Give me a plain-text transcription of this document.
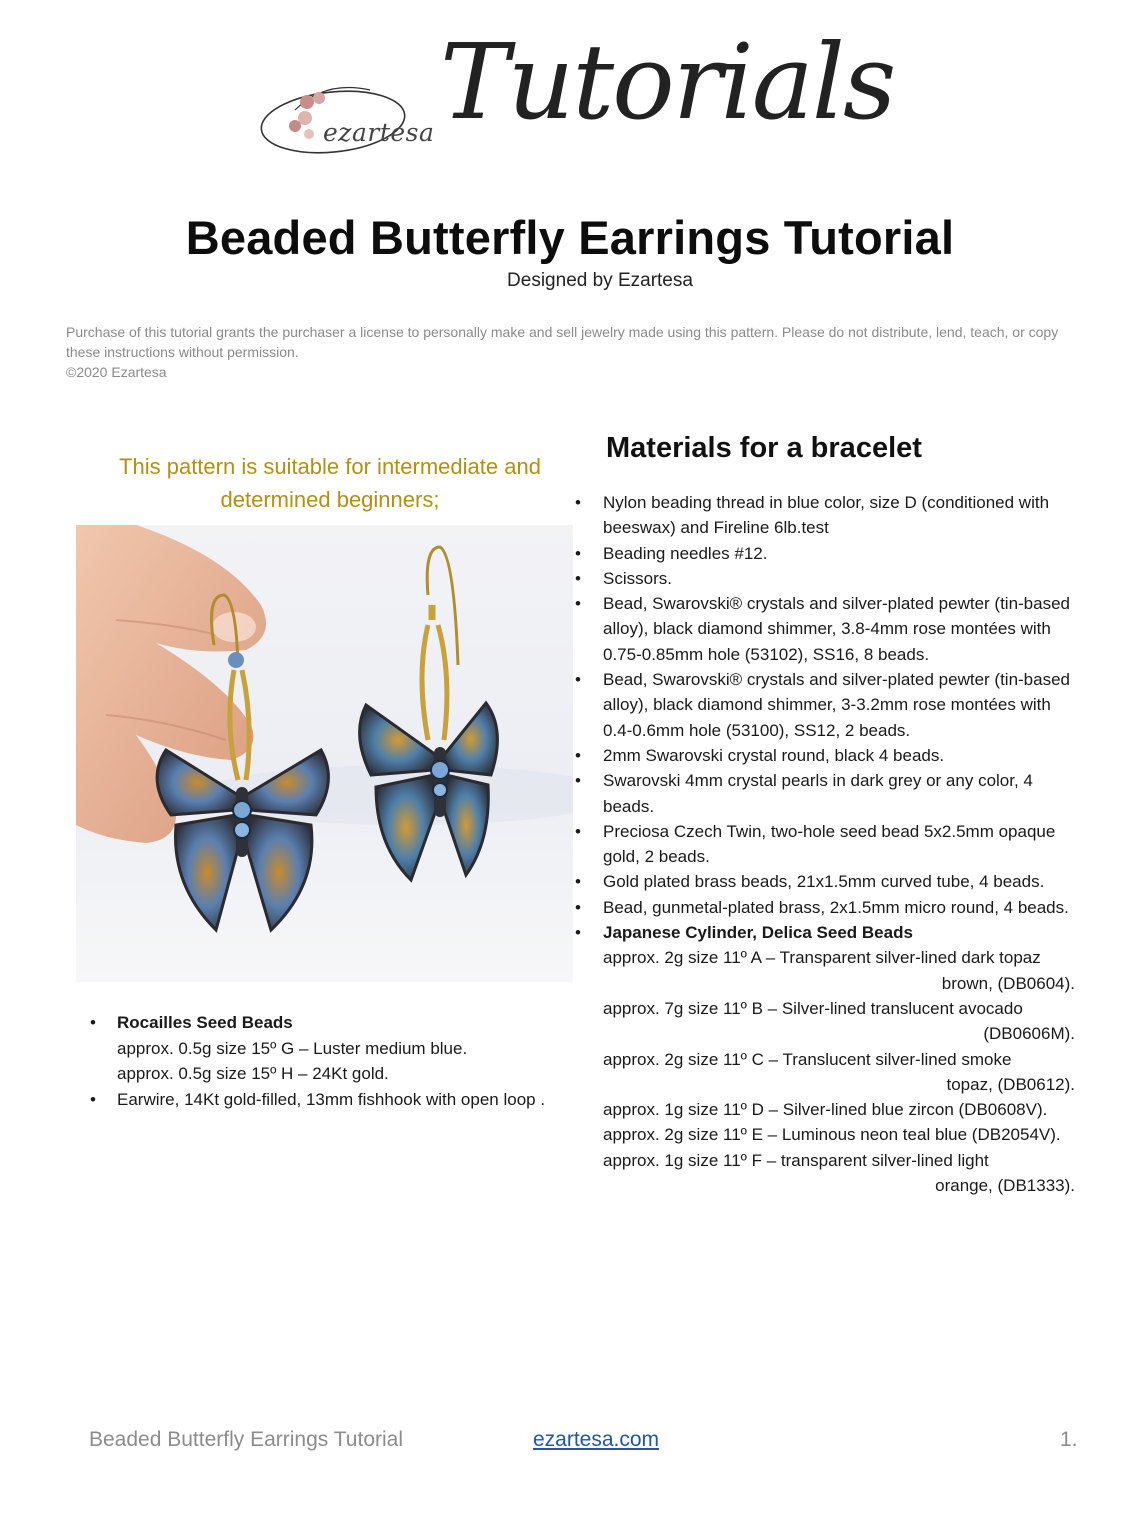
ezartesa Tutorials
Beaded Butterfly Earrings Tutorial
Designed by Ezartesa
Purchase of this tutorial grants the purchaser a license to personally make and sell jewelry made using this pattern. Please do not distribute, lend, teach, or copy these instructions without permission.
©2020 Ezartesa
This pattern is suitable for intermediate and
determined beginners;
• Rocailles Seed Beads
approx. 0.5g size 15º G – Luster medium blue.
approx. 0.5g size 15º H – 24Kt gold.
• Earwire, 14Kt gold-filled, 13mm fishhook with open loop .
Materials for a bracelet
• Nylon beading thread in blue color, size D (conditioned with beeswax) and Fireline 6lb.test
• Beading needles #12.
• Scissors.
• Bead, Swarovski® crystals and silver-plated pewter (tin-based alloy), black diamond shimmer, 3.8-4mm rose montées with 0.75-0.85mm hole (53102), SS16, 8 beads.
• Bead, Swarovski® crystals and silver-plated pewter (tin-based alloy), black diamond shimmer, 3-3.2mm rose montées with 0.4-0.6mm hole (53100), SS12, 2 beads.
• 2mm Swarovski crystal round, black 4 beads.
• Swarovski 4mm crystal pearls in dark grey or any color, 4 beads.
• Preciosa Czech Twin, two-hole seed bead 5x2.5mm opaque gold, 2 beads.
• Gold plated brass beads, 21x1.5mm curved tube, 4 beads.
• Bead, gunmetal-plated brass, 2x1.5mm micro round, 4 beads.
• Japanese Cylinder, Delica Seed Beads
approx. 2g size 11º A – Transparent silver-lined dark topaz
brown, (DB0604).
approx. 7g size 11º B – Silver-lined translucent avocado
(DB0606M).
approx. 2g size 11º C – Translucent silver-lined smoke
topaz, (DB0612).
approx. 1g size 11º D – Silver-lined blue zircon (DB0608V).
approx. 2g size 11º E – Luminous neon teal blue (DB2054V).
approx. 1g size 11º F – transparent silver-lined light
orange, (DB1333).
Beaded Butterfly Earrings Tutorial	ezartesa.com	1.
